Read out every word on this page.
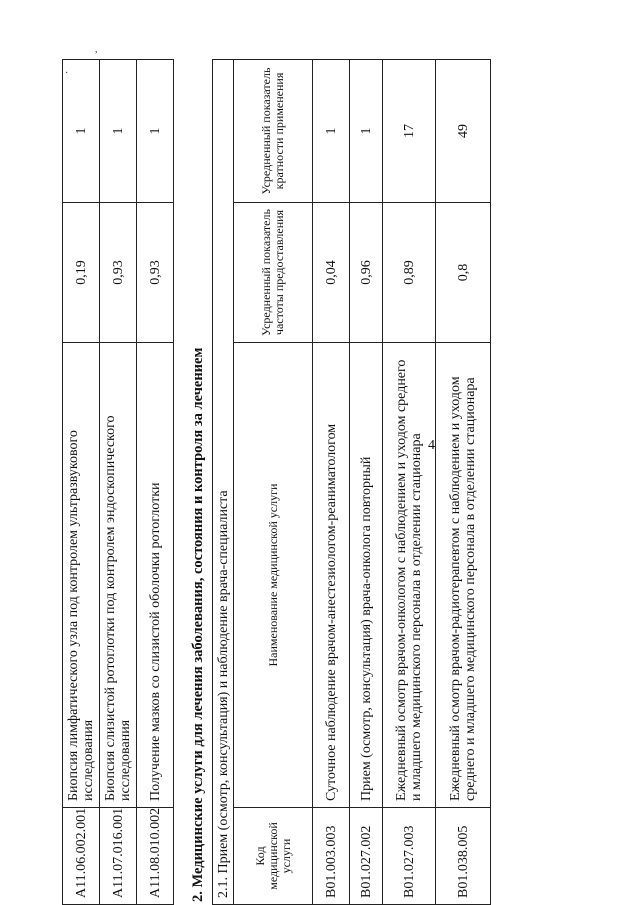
,
·
4
A11.06.002.001	Биопсия лимфатического узла под контролем ультразвукового исследования	0,19	1
A11.07.016.001	Биопсия слизистой ротоглотки под контролем эндоскопического исследования	0,93	1
A11.08.010.002	Получение мазков со слизистой оболочки ротоглотки	0,93	1
2. Медицинские услуги для лечения заболевания, состояния и контроля за лечением 2.1. Прием (осмотр, консультация) и наблюдение врача-специалиста			
Код медицинской услуги	Наименование медицинской услуги	Усредненный показатель частоты предоставления	Усредненный показатель кратности применения
B01.003.003	Суточное наблюдение врачом-анестезиологом-реаниматологом	0,04	1
B01.027.002	Прием (осмотр, консультация) врача-онколога повторный	0,96	1
B01.027.003	Ежедневный осмотр врачом-онкологом с наблюдением и уходом среднего и младшего медицинского персонала в отделении стационара	0,89	17
B01.038.005	Ежедневный осмотр врачом-радиотерапевтом с наблюдением и уходом среднего и младшего медицинского персонала в отделении стационара	0,8	49
